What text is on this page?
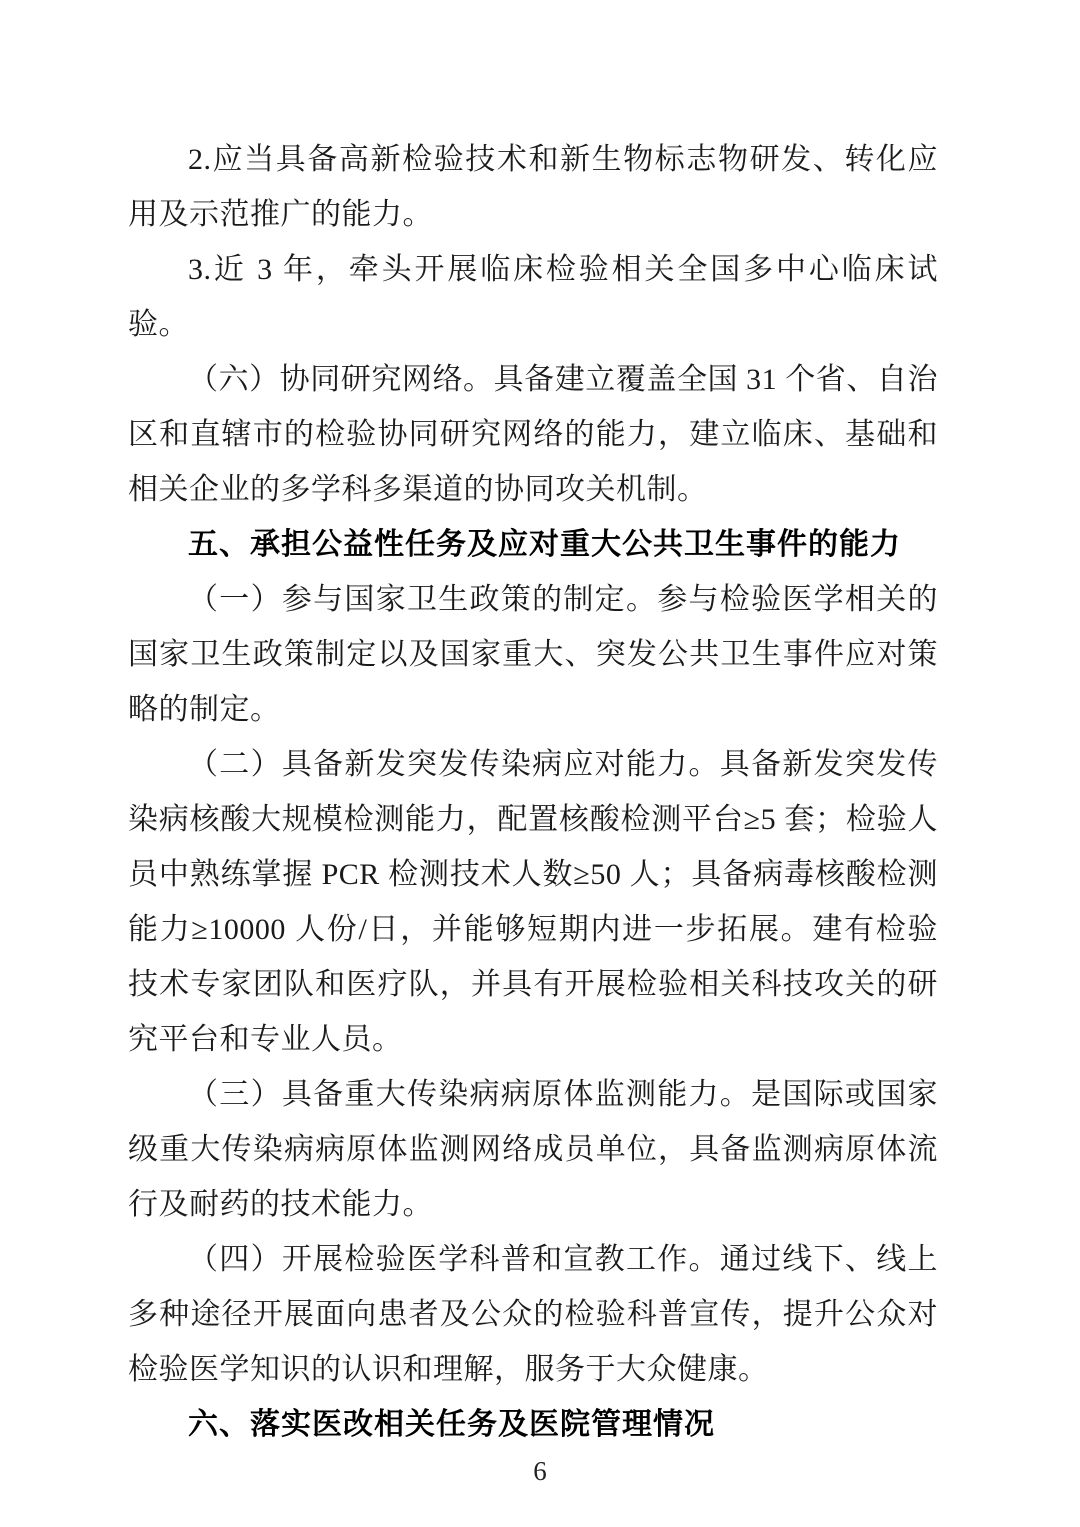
2.应当具备高新检验技术和新生物标志物研发、转化应用及示范推广的能力。
3.近 3 年，牵头开展临床检验相关全国多中心临床试验。
（六）协同研究网络。具备建立覆盖全国 31 个省、自治区和直辖市的检验协同研究网络的能力，建立临床、基础和相关企业的多学科多渠道的协同攻关机制。
五、承担公益性任务及应对重大公共卫生事件的能力
（一）参与国家卫生政策的制定。参与检验医学相关的国家卫生政策制定以及国家重大、突发公共卫生事件应对策略的制定。
（二）具备新发突发传染病应对能力。具备新发突发传染病核酸大规模检测能力，配置核酸检测平台≥5 套；检验人员中熟练掌握 PCR 检测技术人数≥50 人；具备病毒核酸检测能力≥10000 人份/日，并能够短期内进一步拓展。建有检验技术专家团队和医疗队，并具有开展检验相关科技攻关的研究平台和专业人员。
（三）具备重大传染病病原体监测能力。是国际或国家级重大传染病病原体监测网络成员单位，具备监测病原体流行及耐药的技术能力。
（四）开展检验医学科普和宣教工作。通过线下、线上多种途径开展面向患者及公众的检验科普宣传，提升公众对检验医学知识的认识和理解，服务于大众健康。
六、落实医改相关任务及医院管理情况
6
